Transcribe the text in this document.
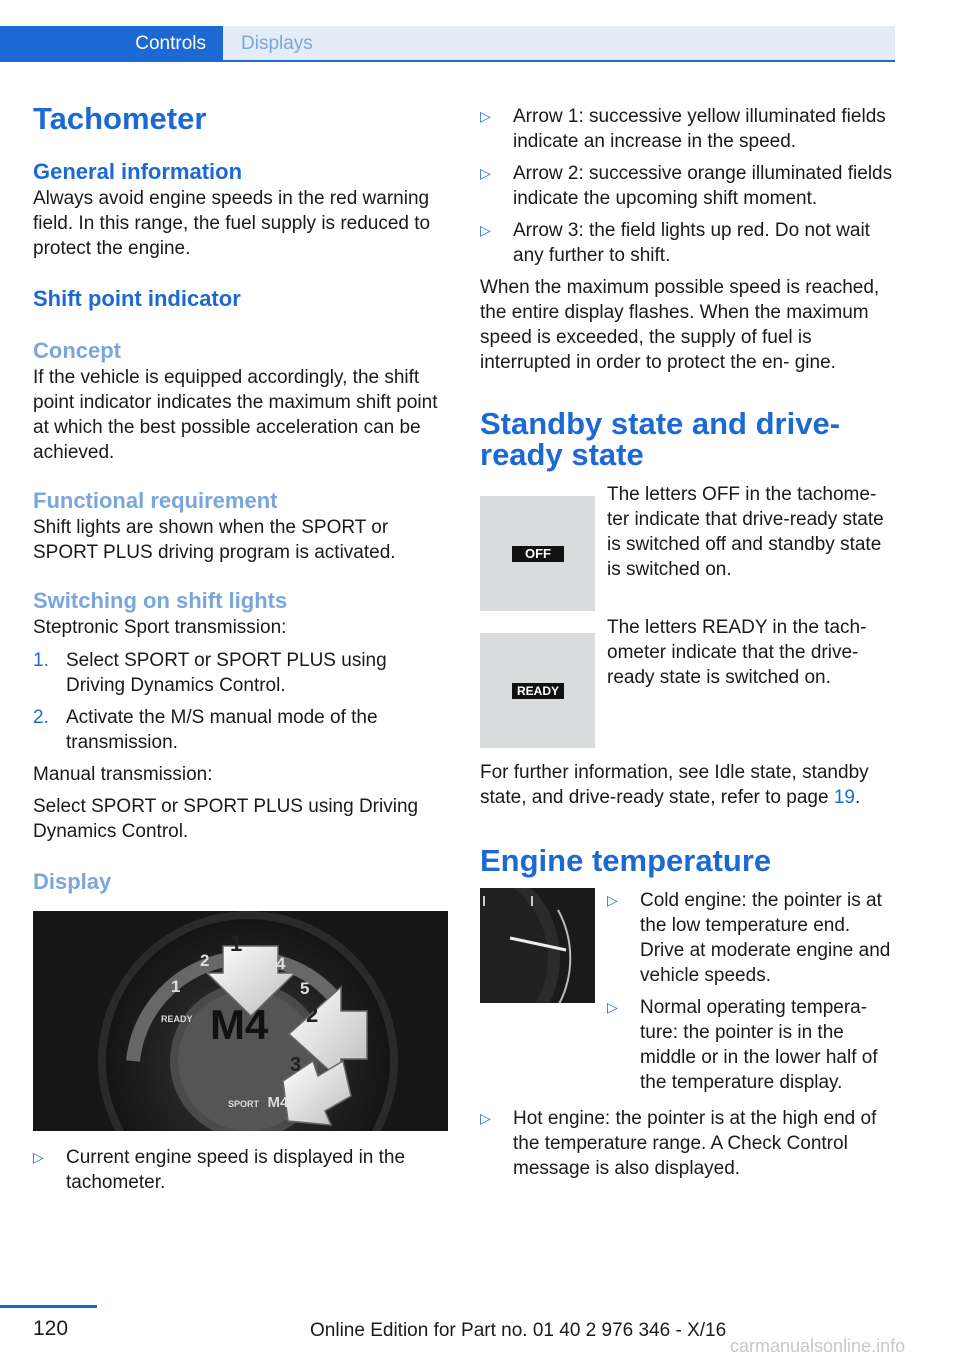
Controls	Displays
Tachometer
General information

Always avoid engine speeds in the red warning field. In this range, the fuel supply is reduced to protect the engine.

Shift point indicator
Concept

If the vehicle is equipped accordingly, the shift point indicator indicates the maximum shift point at which the best possible acceleration can be achieved.

Functional requirement

Shift lights are shown when the SPORT or SPORT PLUS driving program is activated.

Switching on shift lights

Steptronic Sport transmission:

1. Select SPORT or SPORT PLUS using Driving Dynamics Control.
2. Activate the M/S manual mode of the transmission.

Manual transmission:

Select SPORT or SPORT PLUS using Driving Dynamics Control.

Display
1
2
3
M4
READY
1
2	4
5
SPORT M4
▷ Current engine speed is displayed in the tachometer.
▷ Arrow 1: successive yellow illuminated fields indicate an increase in the speed.
▷ Arrow 2: successive orange illuminated fields indicate the upcoming shift moment.
▷ Arrow 3: the field lights up red. Do not wait any further to shift.

When the maximum possible speed is reached, the entire display flashes. When the maximum speed is exceeded, the supply of fuel is interrupted in order to protect the en‐ gine.

Standby state and drive-ready state
OFF

The letters OFF in the tachome‐ ter indicate that drive-ready state is switched off and standby state is switched on.

READY

The letters READY in the tach‐ ometer indicate that the drive- ready state is switched on.

For further information, see Idle state, standby state, and drive-ready state, refer to page 19.

Engine temperature
▷ Cold engine: the pointer is at the low temperature end. Drive at moderate engine and vehicle speeds.
▷ Normal operating tempera‐ ture: the pointer is in the middle or in the lower half of the temperature display.
▷ Hot engine: the pointer is at the high end of the temperature range. A Check Control message is also displayed.
120	Online Edition for Part no. 01 40 2 976 346 - X/16
carmanualsonline.info
